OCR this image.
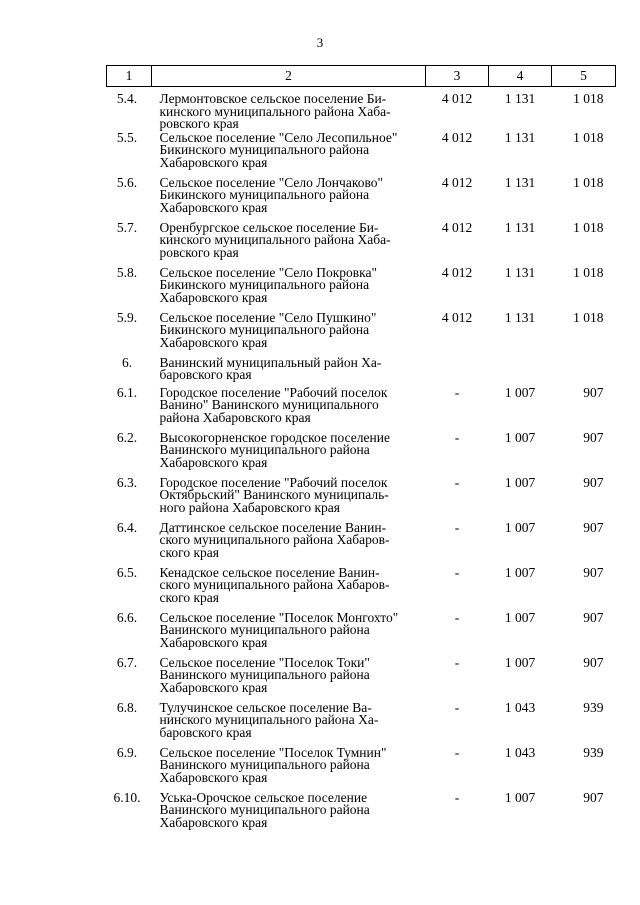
3
1	2	3	4	5
5.4.	Лермонтовское сельское поселение Би-
кинского муниципального района Хаба-
ровского края	4 012	1 131	1 018
5.5.	Сельское поселение "Село Лесопильное"
Бикинского муниципального района
Хабаровского края	4 012	1 131	1 018
5.6.	Сельское поселение "Село Лончаково"
Бикинского муниципального района
Хабаровского края	4 012	1 131	1 018
5.7.	Оренбургское сельское поселение Би-
кинского муниципального района Хаба-
ровского края	4 012	1 131	1 018
5.8.	Сельское поселение "Село Покровка"
Бикинского муниципального района
Хабаровского края	4 012	1 131	1 018
5.9.	Сельское поселение "Село Пушкино"
Бикинского муниципального района
Хабаровского края	4 012	1 131	1 018
6.	Ванинский муниципальный район Ха-
баровского края			
6.1.	Городское поселение "Рабочий поселок
Ванино" Ванинского муниципального
района Хабаровского края	-	1 007	907
6.2.	Высокогорненское городское поселение
Ванинского муниципального района
Хабаровского края	-	1 007	907
6.3.	Городское поселение "Рабочий поселок
Октябрьский" Ванинского муниципаль-
ного района Хабаровского края	-	1 007	907
6.4.	Даттинское сельское поселение Ванин-
ского муниципального района Хабаров-
ского края	-	1 007	907
6.5.	Кенадское сельское поселение Ванин-
ского муниципального района Хабаров-
ского края	-	1 007	907
6.6.	Сельское поселение "Поселок Монгохто"
Ванинского муниципального района
Хабаровского края	-	1 007	907
6.7.	Сельское поселение "Поселок Токи"
Ванинского муниципального района
Хабаровского края	-	1 007	907
6.8.	Тулучинское сельское поселение Ва-
нинского муниципального района Ха-
баровского края	-	1 043	939
6.9.	Сельское поселение "Поселок Тумнин"
Ванинского муниципального района
Хабаровского края	-	1 043	939
6.10.	Уська-Орочское сельское поселение
Ванинского муниципального района
Хабаровского края	-	1 007	907
